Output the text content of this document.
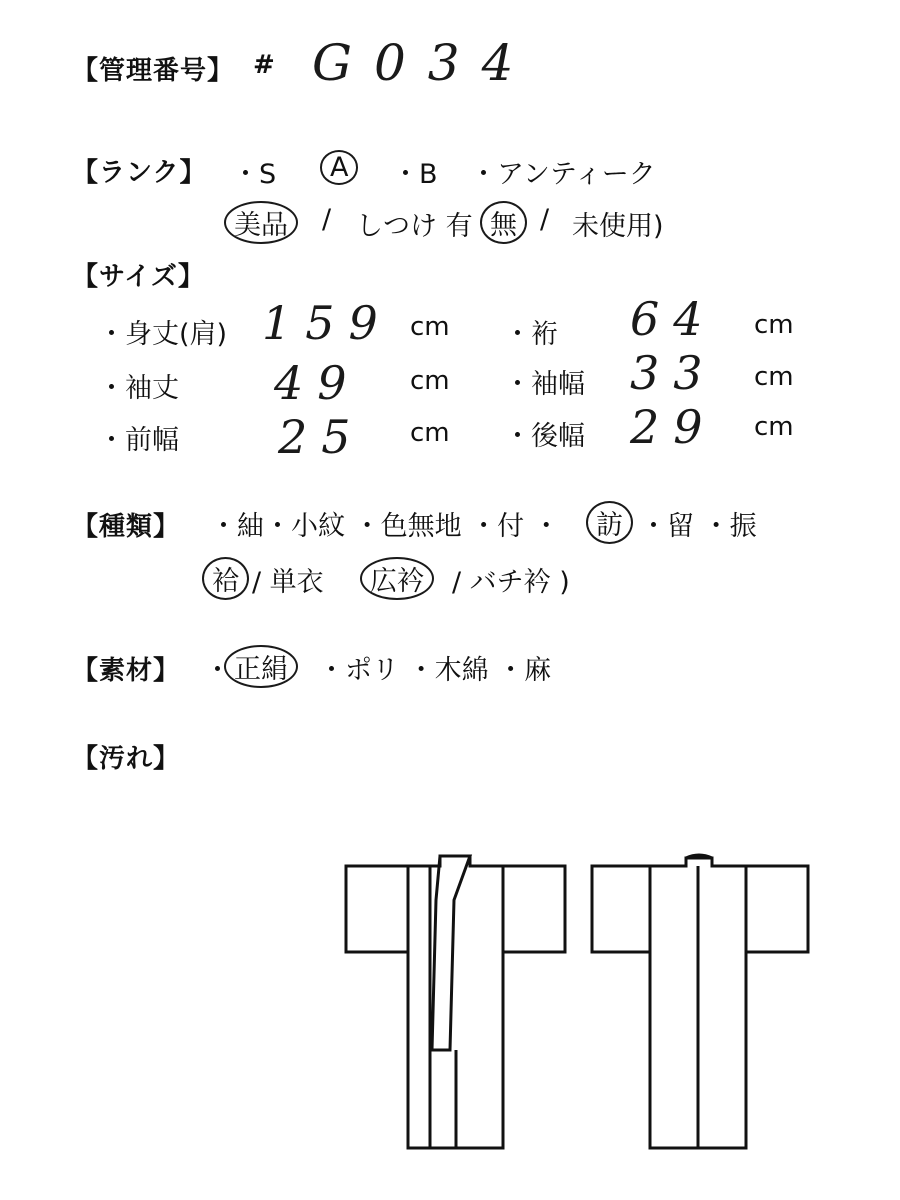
【管理番号】 # G034
【ランク】 ・S A ・B ・アンティーク
美品 / しつけ 有 無 / 未使用)
【サイズ】
・身丈(肩) 159 cm ・裄 64 cm
・袖丈 49 cm ・袖幅 33 cm
・前幅 25 cm ・後幅 29 cm
【種類】 ・紬・小紋 ・色無地 ・付 ・ 訪 ・留 ・振
袷 / 単衣 広衿 / バチ衿 )
【素材】 ・ 正絹 ・ポリ ・木綿 ・麻
【汚れ】
